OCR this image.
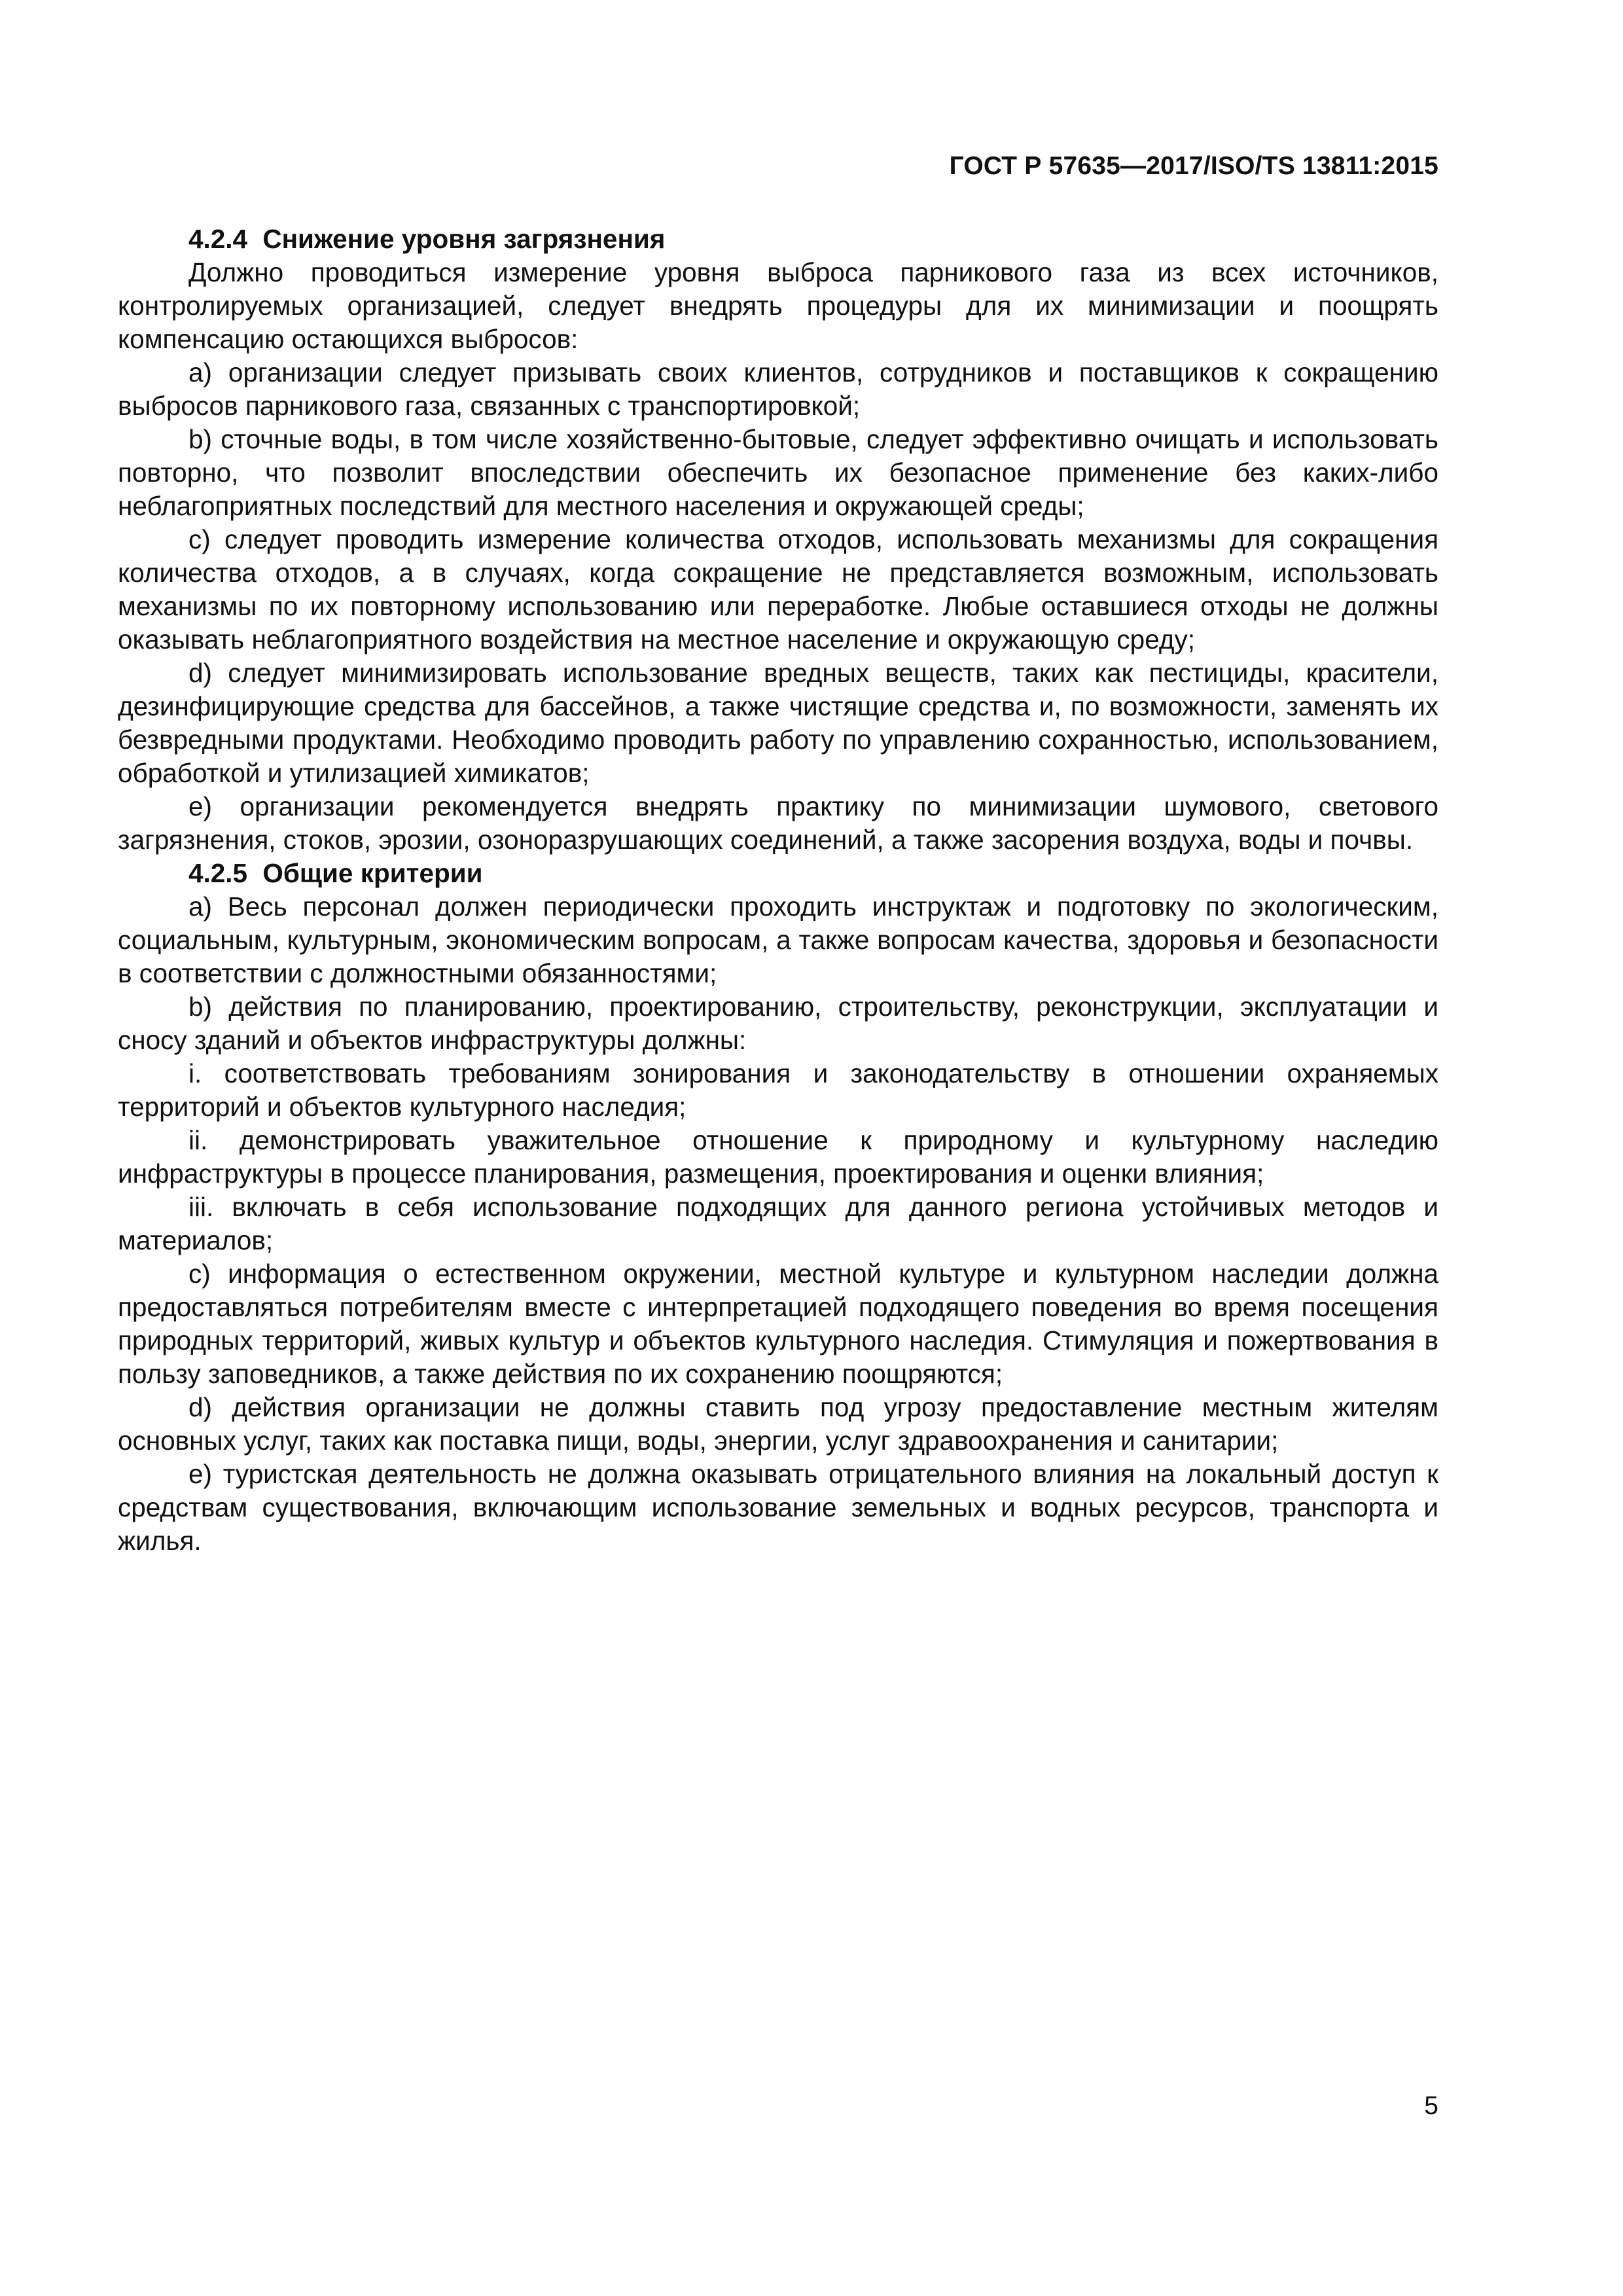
ГОСТ Р 57635—2017/ISO/TS 13811:2015
4.2.4 Снижение уровня загрязнения

Должно проводиться измерение уровня выброса парникового газа из всех источников, контролируемых организацией, следует внедрять процедуры для их минимизации и поощрять компенсацию остающихся выбросов:

a) организации следует призывать своих клиентов, сотрудников и поставщиков к сокращению выбросов парникового газа, связанных с транспортировкой;

b) сточные воды, в том числе хозяйственно-бытовые, следует эффективно очищать и использовать повторно, что позволит впоследствии обеспечить их безопасное применение без каких-либо неблагоприятных последствий для местного населения и окружающей среды;

c) следует проводить измерение количества отходов, использовать механизмы для сокращения количества отходов, а в случаях, когда сокращение не представляется возможным, использовать механизмы по их повторному использованию или переработке. Любые оставшиеся отходы не должны оказывать неблагоприятного воздействия на местное население и окружающую среду;

d) следует минимизировать использование вредных веществ, таких как пестициды, красители, дезинфицирующие средства для бассейнов, а также чистящие средства и, по возможности, заменять их безвредными продуктами. Необходимо проводить работу по управлению сохранностью, использованием, обработкой и утилизацией химикатов;

e) организации рекомендуется внедрять практику по минимизации шумового, светового загрязнения, стоков, эрозии, озоноразрушающих соединений, а также засорения воздуха, воды и почвы.

4.2.5 Общие критерии

a) Весь персонал должен периодически проходить инструктаж и подготовку по экологическим, социальным, культурным, экономическим вопросам, а также вопросам качества, здоровья и безопасности в соответствии с должностными обязанностями;

b) действия по планированию, проектированию, строительству, реконструкции, эксплуатации и сносу зданий и объектов инфраструктуры должны:

i. соответствовать требованиям зонирования и законодательству в отношении охраняемых территорий и объектов культурного наследия;

ii. демонстрировать уважительное отношение к природному и культурному наследию инфраструктуры в процессе планирования, размещения, проектирования и оценки влияния;

iii. включать в себя использование подходящих для данного региона устойчивых методов и материалов;

c) информация о естественном окружении, местной культуре и культурном наследии должна предоставляться потребителям вместе с интерпретацией подходящего поведения во время посещения природных территорий, живых культур и объектов культурного наследия. Стимуляция и пожертвования в пользу заповедников, а также действия по их сохранению поощряются;

d) действия организации не должны ставить под угрозу предоставление местным жителям основных услуг, таких как поставка пищи, воды, энергии, услуг здравоохранения и санитарии;

e) туристская деятельность не должна оказывать отрицательного влияния на локальный доступ к средствам существования, включающим использование земельных и водных ресурсов, транспорта и жилья.

5
